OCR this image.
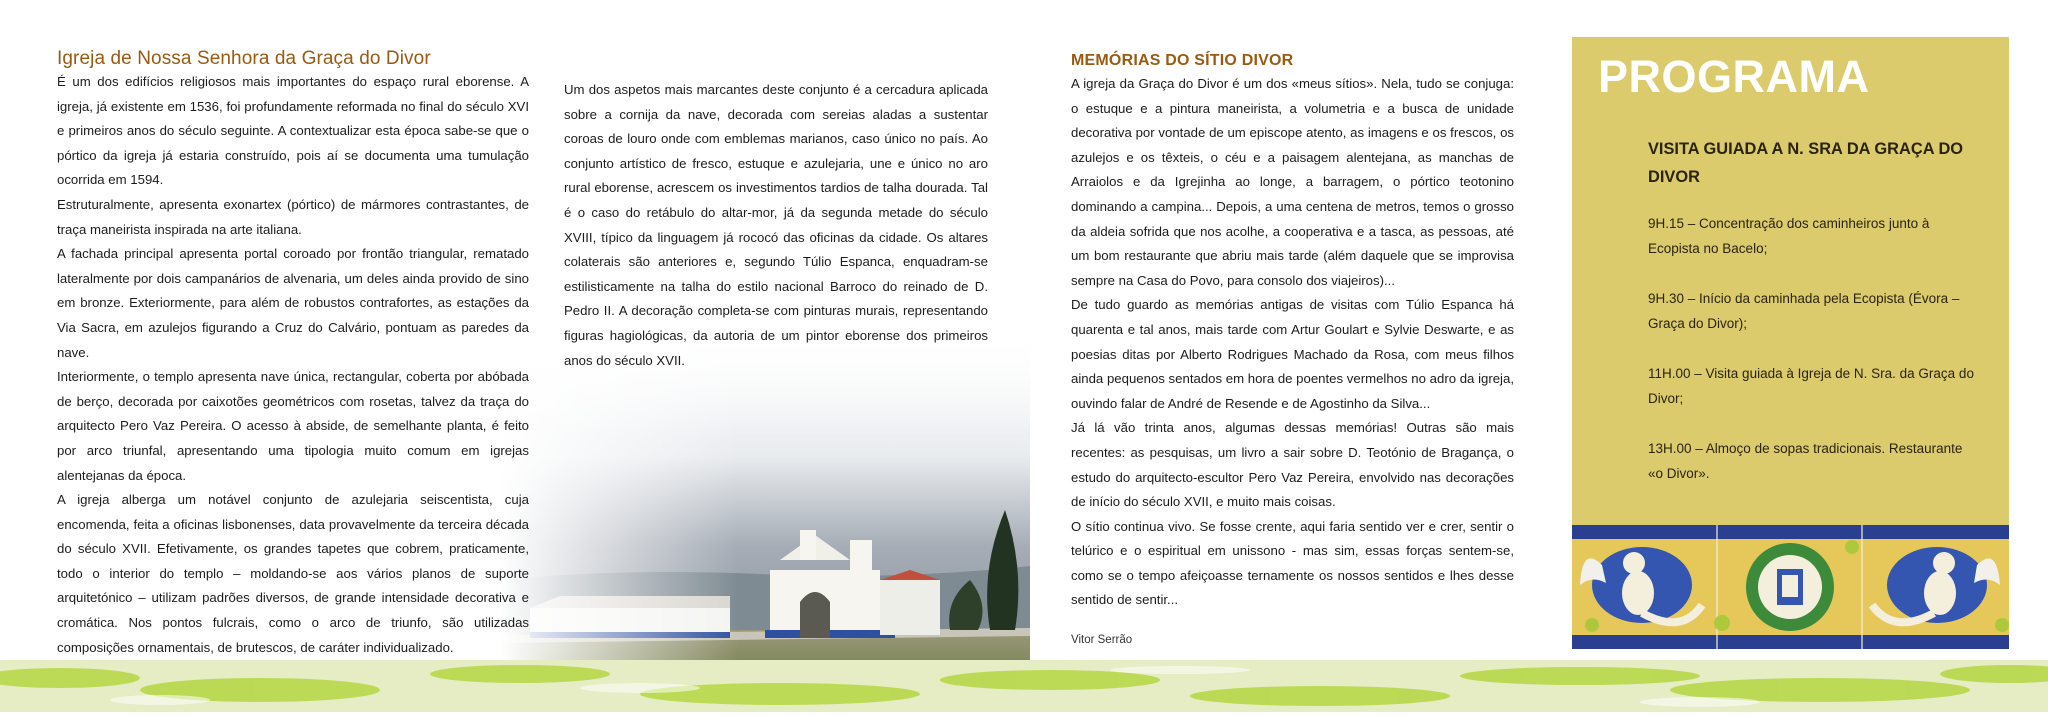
Igreja de Nossa Senhora da Graça do Divor

É um dos edifícios religiosos mais importantes do espaço rural eborense. A igreja, já existente em 1536, foi profundamente reformada no final do século XVI e primeiros anos do século seguinte. A contextualizar esta época sabe-se que o pórtico da igreja já estaria construído, pois aí se documenta uma tumulação ocorrida em 1594.

Estruturalmente, apresenta exonartex (pórtico) de mármores contrastantes, de traça maneirista inspirada na arte italiana.

A fachada principal apresenta portal coroado por frontão triangular, rematado lateralmente por dois campanários de alvenaria, um deles ainda provido de sino em bronze. Exteriormente, para além de robustos contrafortes, as estações da Via Sacra, em azulejos figurando a Cruz do Calvário, pontuam as paredes da nave.

Interiormente, o templo apresenta nave única, rectangular, coberta por abóbada de berço, decorada por caixotões geométricos com rosetas, talvez da traça do arquitecto Pero Vaz Pereira. O acesso à abside, de semelhante planta, é feito por arco triunfal, apresentando uma tipologia muito comum em igrejas alentejanas da época.

A igreja alberga um notável conjunto de azulejaria seiscentista, cuja encomenda, feita a oficinas lisbonenses, data provavelmente da terceira década do século XVII. Efetivamente, os grandes tapetes que cobrem, praticamente, todo o interior do templo – moldando-se aos vários planos de suporte arquitetónico – utilizam padrões diversos, de grande intensidade decorativa e cromática. Nos pontos fulcrais, como o arco de triunfo, são utilizadas composições ornamentais, de brutescos, de caráter individualizado.

Um dos aspetos mais marcantes deste conjunto é a cercadura aplicada sobre a cornija da nave, decorada com sereias aladas a sustentar coroas de louro onde com emblemas marianos, caso único no país. Ao conjunto artístico de fresco, estuque e azulejaria, une e único no aro rural eborense, acrescem os investimentos tardios de talha dourada. Tal é o caso do retábulo do altar-mor, já da segunda metade do século XVIII, típico da linguagem já rococó das oficinas da cidade. Os altares colaterais são anteriores e, segundo Túlio Espanca, enquadram-se estilisticamente na talha do estilo nacional Barroco do reinado de D. Pedro II. A decoração completa-se com pinturas murais, representando figuras hagiológicas, da autoria de um pintor eborense dos primeiros anos do século XVII.

MEMÓRIAS DO SÍTIO DIVOR

A igreja da Graça do Divor é um dos «meus sítios». Nela, tudo se conjuga: o estuque e a pintura maneirista, a volumetria e a busca de unidade decorativa por vontade de um episcope atento, as imagens e os frescos, os azulejos e os têxteis, o céu e a paisagem alentejana, as manchas de Arraiolos e da Igrejinha ao longe, a barragem, o pórtico teotonino dominando a campina... Depois, a uma centena de metros, temos o grosso da aldeia sofrida que nos acolhe, a cooperativa e a tasca, as pessoas, até um bom restaurante que abriu mais tarde (além daquele que se improvisa sempre na Casa do Povo, para consolo dos viajeiros)...

De tudo guardo as memórias antigas de visitas com Túlio Espanca há quarenta e tal anos, mais tarde com Artur Goulart e Sylvie Deswarte, e as poesias ditas por Alberto Rodrigues Machado da Rosa, com meus filhos ainda pequenos sentados em hora de poentes vermelhos no adro da igreja, ouvindo falar de André de Resende e de Agostinho da Silva...

Já lá vão trinta anos, algumas dessas memórias! Outras são mais recentes: as pesquisas, um livro a sair sobre D. Teotónio de Bragança, o estudo do arquitecto-escultor Pero Vaz Pereira, envolvido nas decorações de início do século XVII, e muito mais coisas.

O sítio continua vivo. Se fosse crente, aqui faria sentido ver e crer, sentir o telúrico e o espiritual em unissono - mas sim, essas forças sentem-se, como se o tempo afeiçoasse ternamente os nossos sentidos e lhes desse sentido de sentir...

Vitor Serrão
PROGRAMA
VISITA GUIADA A N. SRA DA GRAÇA DO DIVOR
9H.15 – Concentração dos caminheiros junto à Ecopista no Bacelo;
9H.30 – Início da caminhada pela Ecopista (Évora – Graça do Divor);
11H.00 – Visita guiada à Igreja de N. Sra. da Graça do Divor;
13H.00 – Almoço de sopas tradicionais. Restaurante «o Divor».
